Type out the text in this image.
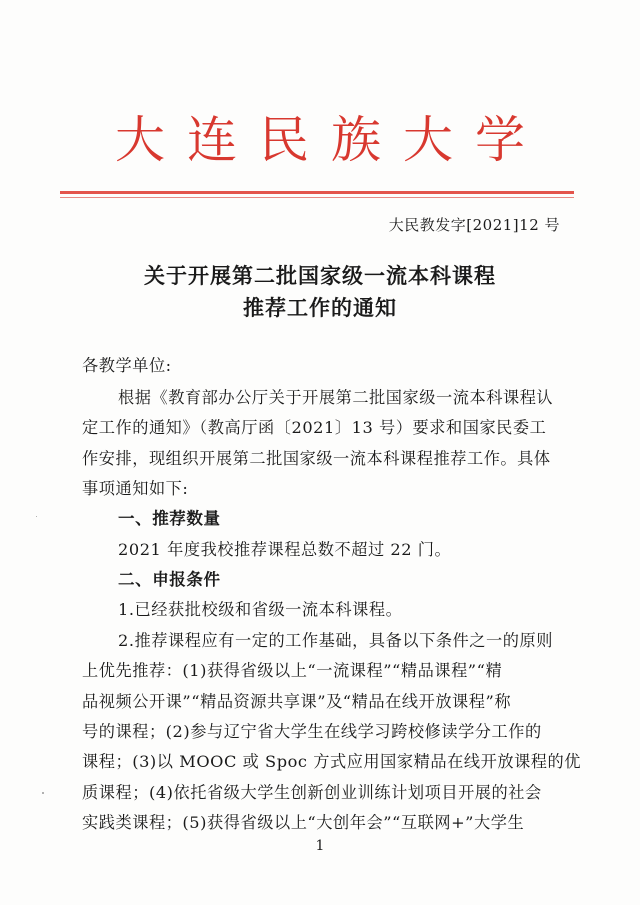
大连民族大学
大民教发字[2021]12 号
关于开展第二批国家级一流本科课程
推荐工作的通知
各教学单位:
根据《教育部办公厅关于开展第二批国家级一流本科课程认
定工作的通知》（教高厅函〔2021〕13 号）要求和国家民委工
作安排，现组织开展第二批国家级一流本科课程推荐工作。具体
事项通知如下:
一、推荐数量
2021 年度我校推荐课程总数不超过 22 门。
二、申报条件
1.已经获批校级和省级一流本科课程。
2.推荐课程应有一定的工作基础，具备以下条件之一的原则
上优先推荐：(1)获得省级以上“一流课程”“精品课程”“精
品视频公开课”“精品资源共享课”及“精品在线开放课程”称
号的课程；(2)参与辽宁省大学生在线学习跨校修读学分工作的
课程；(3)以 MOOC 或 Spoc 方式应用国家精品在线开放课程的优
质课程；(4)依托省级大学生创新创业训练计划项目开展的社会
实践类课程；(5)获得省级以上“大创年会”“互联网+”大学生
1
